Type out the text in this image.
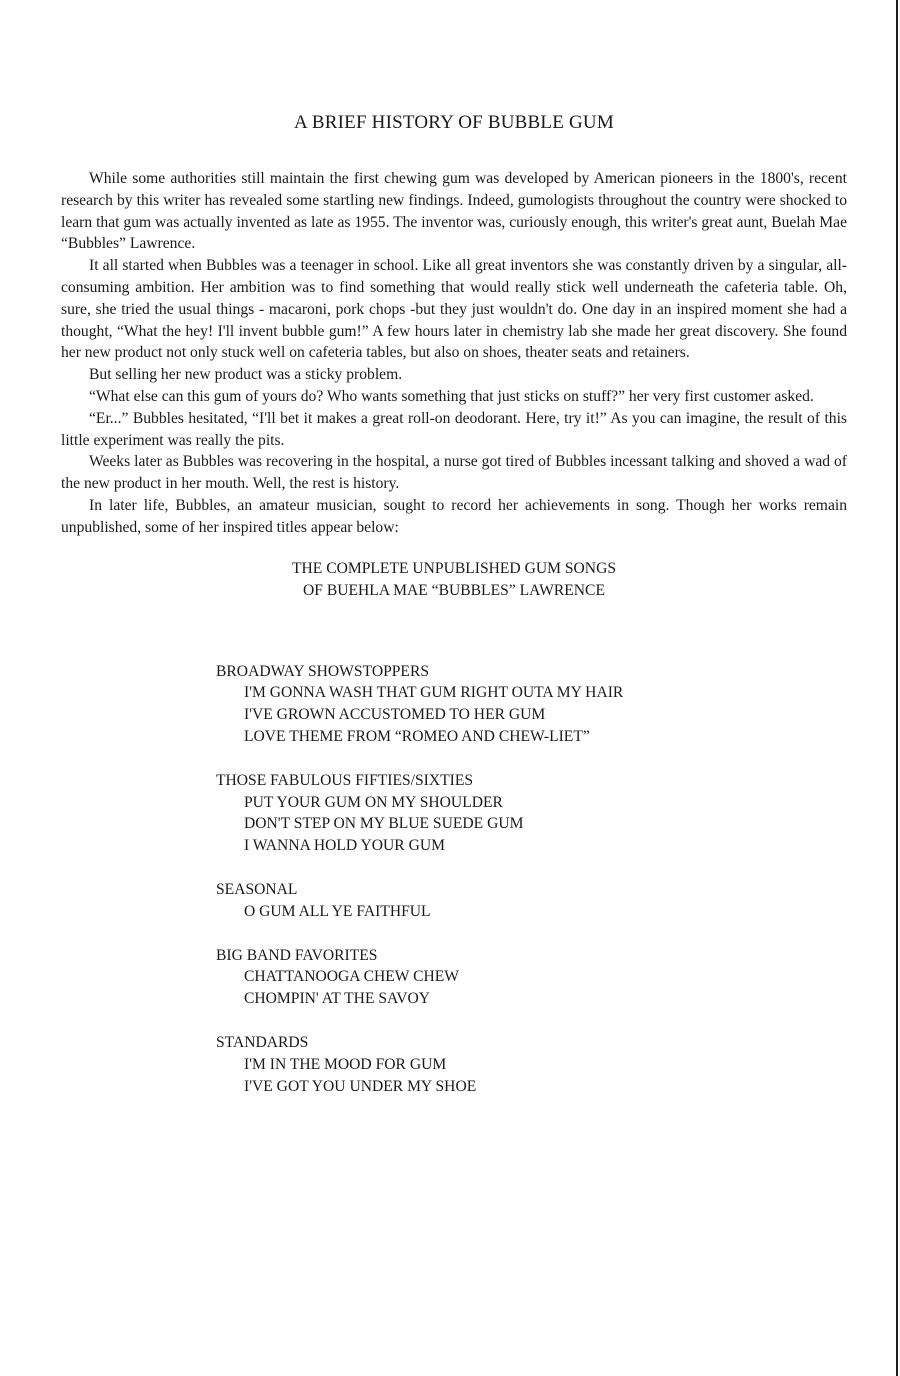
A BRIEF HISTORY OF BUBBLE GUM

While some authorities still maintain the first chewing gum was developed by American pioneers in the 1800's, recent research by this writer has revealed some startling new findings. Indeed, gumologists throughout the country were shocked to learn that gum was actually invented as late as 1955. The inventor was, curiously enough, this writer's great aunt, Buelah Mae “Bubbles” Lawrence.

It all started when Bubbles was a teenager in school. Like all great inventors she was constantly driven by a singular, all-consuming ambition. Her ambition was to find something that would really stick well underneath the cafeteria table. Oh, sure, she tried the usual things - macaroni, pork chops -but they just wouldn't do. One day in an inspired moment she had a thought, “What the hey! I'll invent bubble gum!” A few hours later in chemistry lab she made her great discovery. She found her new product not only stuck well on cafeteria tables, but also on shoes, theater seats and retainers.

But selling her new product was a sticky problem.

“What else can this gum of yours do? Who wants something that just sticks on stuff?” her very first customer asked.

“Er...” Bubbles hesitated, “I'll bet it makes a great roll-on deodorant. Here, try it!” As you can imagine, the result of this little experiment was really the pits.

Weeks later as Bubbles was recovering in the hospital, a nurse got tired of Bubbles incessant talking and shoved a wad of the new product in her mouth. Well, the rest is history.

In later life, Bubbles, an amateur musician, sought to record her achievements in song. Though her works remain unpublished, some of her inspired titles appear below:

THE COMPLETE UNPUBLISHED GUM SONGS
OF BUEHLA MAE “BUBBLES” LAWRENCE
BROADWAY SHOWSTOPPERS
I'M GONNA WASH THAT GUM RIGHT OUTA MY HAIR
I'VE GROWN ACCUSTOMED TO HER GUM
LOVE THEME FROM “ROMEO AND CHEW-LIET”
THOSE FABULOUS FIFTIES/SIXTIES
PUT YOUR GUM ON MY SHOULDER
DON'T STEP ON MY BLUE SUEDE GUM
I WANNA HOLD YOUR GUM
SEASONAL
O GUM ALL YE FAITHFUL
BIG BAND FAVORITES
CHATTANOOGA CHEW CHEW
CHOMPIN' AT THE SAVOY
STANDARDS
I'M IN THE MOOD FOR GUM
I'VE GOT YOU UNDER MY SHOE
